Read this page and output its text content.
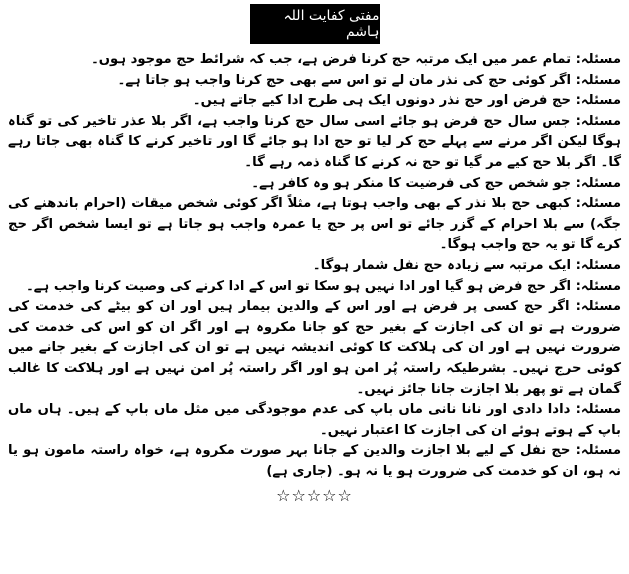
مفتی کفایت اللہ ہاشم

مسئلہ: تمام عمر میں ایک مرتبہ حج کرنا فرض ہے، جب کہ شرائط حج موجود ہوں۔

مسئلہ: اگر کوئی حج کی نذر مان لے تو اس سے بھی حج کرنا واجب ہو جاتا ہے۔

مسئلہ: حج فرض اور حج نذر دونوں ایک ہی طرح ادا کیے جاتے ہیں۔

مسئلہ: جس سال حج فرض ہو جائے اسی سال حج کرنا واجب ہے، اگر بلا عذر تاخیر کی تو گناہ ہوگا لیکن اگر مرنے سے پہلے حج کر لیا تو حج ادا ہو جائے گا اور تاخیر کرنے کا گناہ بھی جاتا رہے گا۔ اگر بلا حج کیے مر گیا تو حج نہ کرنے کا گناہ ذمہ رہے گا۔

مسئلہ: جو شخص حج کی فرضیت کا منکر ہو وہ کافر ہے۔

مسئلہ: کبھی حج بلا نذر کے بھی واجب ہوتا ہے، مثلاً اگر کوئی شخص میقات (احرام باندھنے کی جگہ) سے بلا احرام کے گزر جائے تو اس پر حج یا عمرہ واجب ہو جاتا ہے تو ایسا شخص اگر حج کرے گا تو یہ حج واجب ہوگا۔

مسئلہ: ایک مرتبہ سے زیادہ حج نفل شمار ہوگا۔

مسئلہ: اگر حج فرض ہو گیا اور ادا نہیں ہو سکا تو اس کے ادا کرنے کی وصیت کرنا واجب ہے۔

مسئلہ: اگر حج کسی پر فرض ہے اور اس کے والدین بیمار ہیں اور ان کو بیٹے کی خدمت کی ضرورت ہے تو ان کی اجازت کے بغیر حج کو جانا مکروہ ہے اور اگر ان کو اس کی خدمت کی ضرورت نہیں ہے اور ان کی ہلاکت کا کوئی اندیشہ نہیں ہے تو ان کی اجازت کے بغیر جانے میں کوئی حرج نہیں۔ بشرطیکہ راستہ پُر امن ہو اور اگر راستہ پُر امن نہیں ہے اور ہلاکت کا غالب گمان ہے تو پھر بلا اجازت جانا جائز نہیں۔

مسئلہ: دادا دادی اور نانا نانی ماں باپ کی عدم موجودگی میں مثل ماں باپ کے ہیں۔ ہاں ماں باپ کے ہوتے ہوئے ان کی اجازت کا اعتبار نہیں۔

مسئلہ: حج نفل کے لیے بلا اجازت والدین کے جانا بہر صورت مکروہ ہے، خواہ راستہ مامون ہو یا نہ ہو، ان کو خدمت کی ضرورت ہو یا نہ ہو۔ (جاری ہے)

☆☆☆☆☆
